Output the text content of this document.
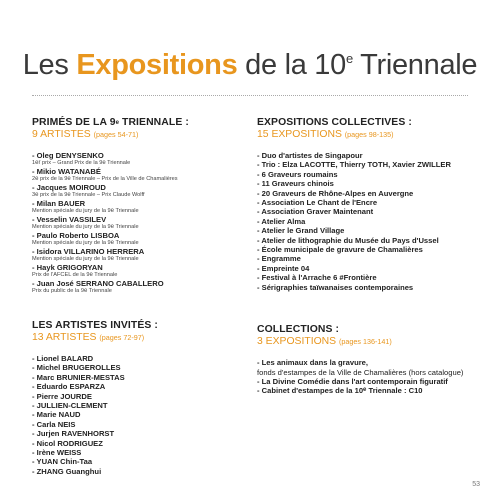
Les Expositions de la 10e Triennale
PRIMÉS DE LA 9e TRIENNALE :
9 ARTISTES (pages 54-71)
- Oleg DENYSENKO
1er prix – Grand Prix de la 9e Triennale
- Mikio WATANABÉ
2e prix de la 9e Triennale – Prix de la Ville de Chamalières
- Jacques MOIROUD
3e prix de la 9e Triennale – Prix Claude Wolff
- Milan BAUER
Mention spéciale du jury de la 9e Triennale
- Vesselin VASSILEV
Mention spéciale du jury de la 9e Triennale
- Paulo Roberto LISBOA
Mention spéciale du jury de la 9e Triennale
- Isidora VILLARINO HERRERA
Mention spéciale du jury de la 9e Triennale
- Hayk GRIGORYAN
Prix de l'AFCEL de la 9e Triennale
- Juan José SERRANO CABALLERO
Prix du public de la 9e Triennale
LES ARTISTES INVITÉS :
13 ARTISTES (pages 72-97)
- Lionel BALARD
- Michel BRUGEROLLES
- Marc BRUNIER-MESTAS
- Eduardo ESPARZA
- Pierre JOURDE
- JULLIEN-CLEMENT
- Marie NAUD
- Carla NEIS
- Jurjen RAVENHORST
- Nicol RODRIGUEZ
- Irène WEISS
- YUAN Chin-Taa
- ZHANG Guanghui
EXPOSITIONS COLLECTIVES :
15 EXPOSITIONS (pages 98-135)
- Duo d'artistes de Singapour
- Trio : Elza LACOTTE, Thierry TOTH, Xavier ZWILLER
- 6 Graveurs roumains
- 11 Graveurs chinois
- 20 Graveurs de Rhône-Alpes en Auvergne
- Association Le Chant de l'Encre
- Association Graver Maintenant
- Atelier Alma
- Atelier le Grand Village
- Atelier de lithographie du Musée du Pays d'Ussel
- École municipale de gravure de Chamalières
- Engramme
- Empreinte 04
- Festival à l'Arrache 6 #Frontière
- Sérigraphies taïwanaises contemporaines
COLLECTIONS :
3 EXPOSITIONS (pages 136-141)
- Les animaux dans la gravure,
fonds d'estampes de la Ville de Chamalières (hors catalogue)
- La Divine Comédie dans l'art contemporain figuratif
- Cabinet d'estampes de la 10e Triennale : C10
53
